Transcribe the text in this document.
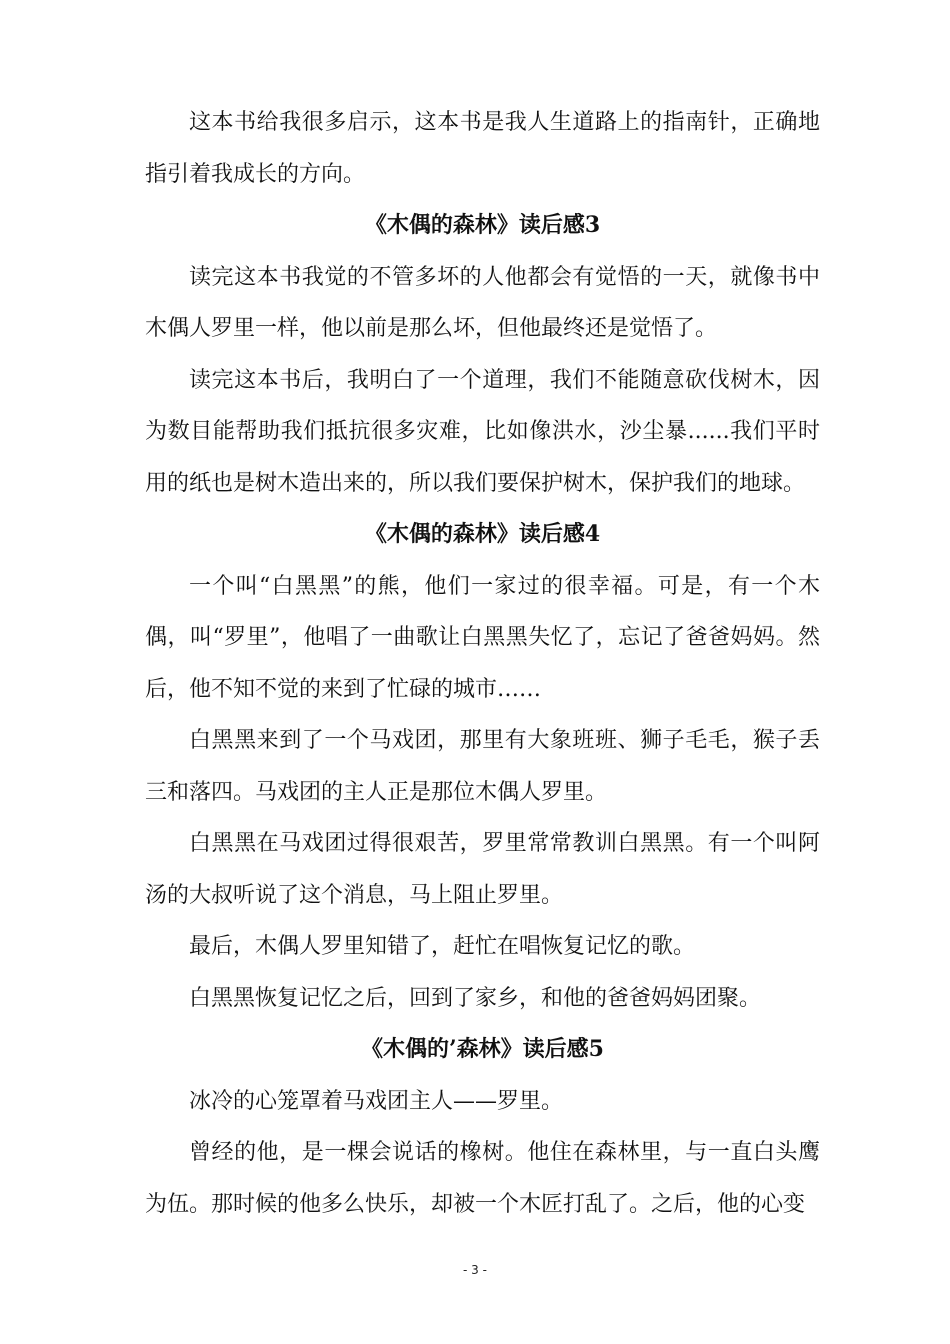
这本书给我很多启示，这本书是我人生道路上的指南针，正确地指引着我成长的方向。

《木偶的森林》读后感3

读完这本书我觉的不管多坏的人他都会有觉悟的一天，就像书中木偶人罗里一样，他以前是那么坏，但他最终还是觉悟了。

读完这本书后，我明白了一个道理，我们不能随意砍伐树木，因为数目能帮助我们抵抗很多灾难，比如像洪水，沙尘暴......我们平时用的纸也是树木造出来的，所以我们要保护树木，保护我们的地球。

《木偶的森林》读后感4

一个叫“白黑黑”的熊，他们一家过的很幸福。可是，有一个木偶，叫“罗里”，他唱了一曲歌让白黑黑失忆了，忘记了爸爸妈妈。然后，他不知不觉的来到了忙碌的城市……

白黑黑来到了一个马戏团，那里有大象班班、狮子毛毛，猴子丢三和落四。马戏团的主人正是那位木偶人罗里。

白黑黑在马戏团过得很艰苦，罗里常常教训白黑黑。有一个叫阿汤的大叔听说了这个消息，马上阻止罗里。

最后，木偶人罗里知错了，赶忙在唱恢复记忆的歌。

白黑黑恢复记忆之后，回到了家乡，和他的爸爸妈妈团聚。

《木偶的’森林》读后感5

冰冷的心笼罩着马戏团主人——罗里。

曾经的他，是一棵会说话的橡树。他住在森林里，与一直白头鹰为伍。那时候的他多么快乐，却被一个木匠打乱了。之后，他的心变

- 3 -
